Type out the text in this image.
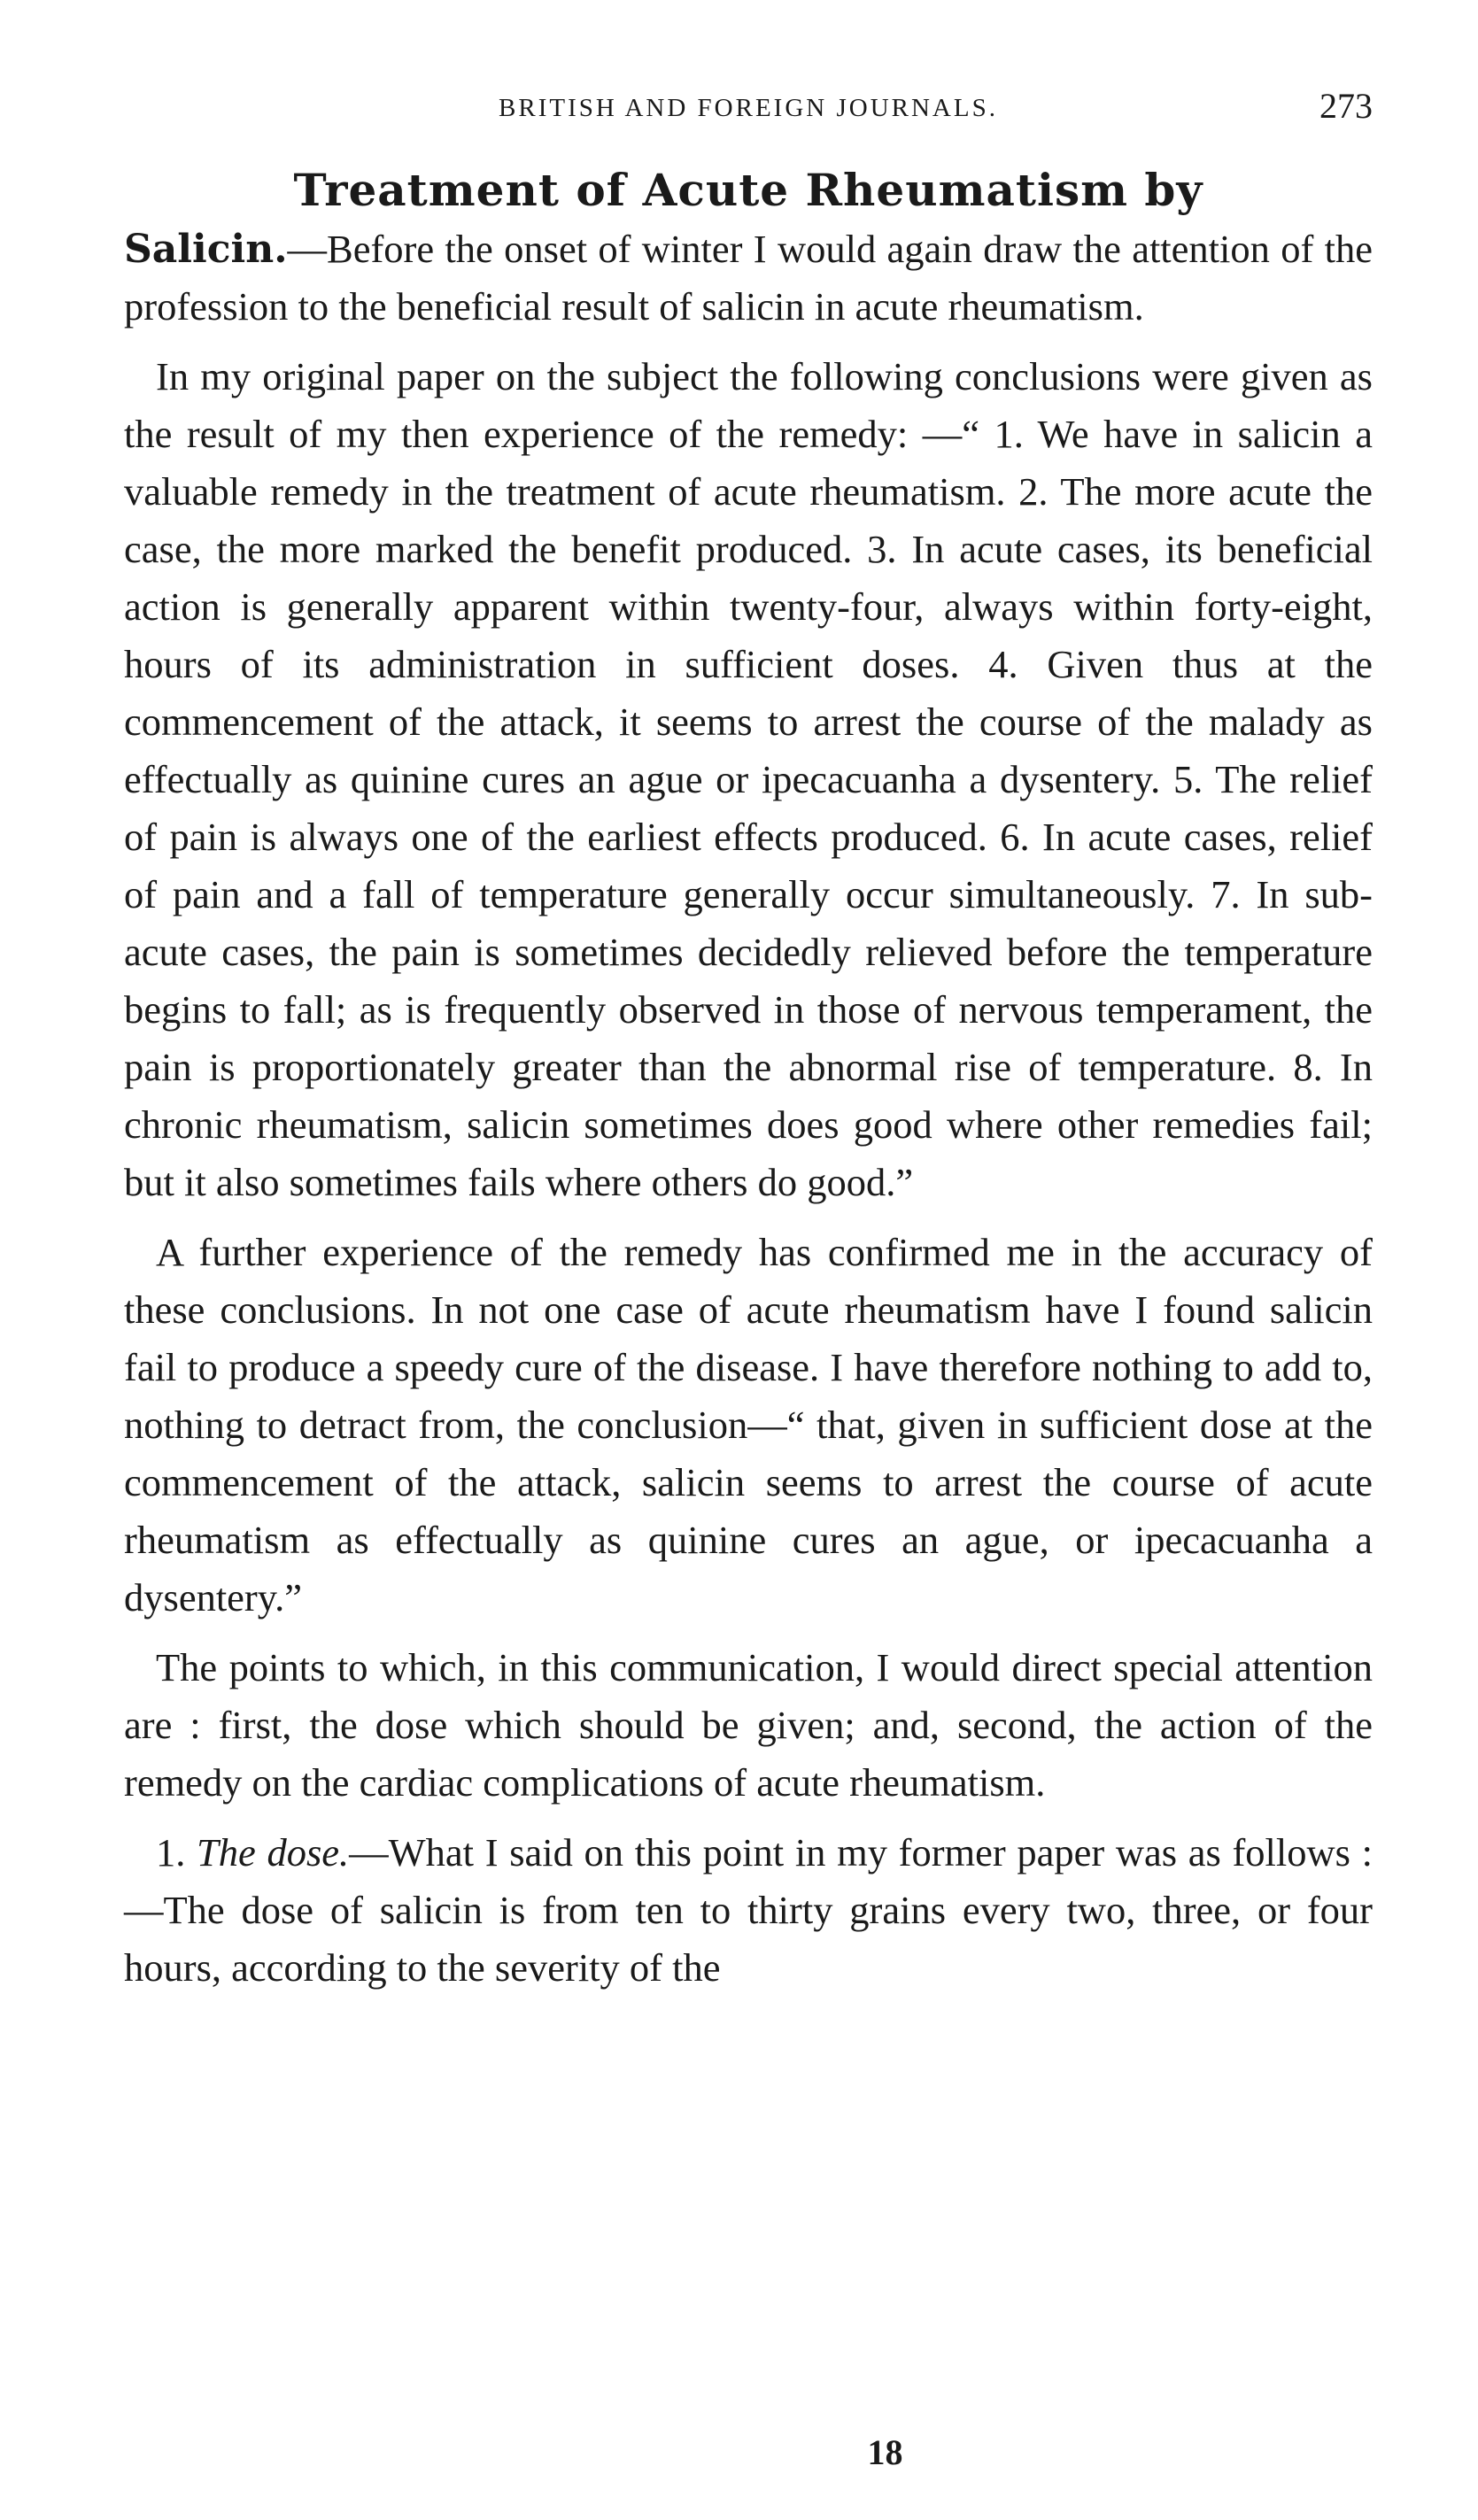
BRITISH AND FOREIGN JOURNALS.	273

Treatment of Acute Rheumatism by
Salicin.—Before the onset of winter I would again draw the attention of the profession to the beneficial result of salicin in acute rheumatism.

In my original paper on the subject the following conclusions were given as the result of my then experience of the remedy: —“ 1. We have in salicin a valuable remedy in the treatment of acute rheumatism. 2. The more acute the case, the more marked the benefit produced. 3. In acute cases, its beneficial action is generally apparent within twenty-four, always within forty-eight, hours of its administration in sufficient doses. 4. Given thus at the commencement of the attack, it seems to arrest the course of the malady as effectually as quinine cures an ague or ipecacuanha a dysentery. 5. The relief of pain is always one of the earliest effects produced. 6. In acute cases, relief of pain and a fall of temperature generally occur simultaneously. 7. In sub-acute cases, the pain is sometimes decidedly relieved before the temperature begins to fall; as is frequently observed in those of nervous temperament, the pain is proportionately greater than the abnormal rise of temperature. 8. In chronic rheumatism, salicin sometimes does good where other remedies fail; but it also sometimes fails where others do good.”

A further experience of the remedy has confirmed me in the accuracy of these conclusions. In not one case of acute rheumatism have I found salicin fail to produce a speedy cure of the disease. I have therefore nothing to add to, nothing to detract from, the conclusion—“ that, given in sufficient dose at the commencement of the attack, salicin seems to arrest the course of acute rheumatism as effectually as quinine cures an ague, or ipecacuanha a dysentery.”

The points to which, in this communication, I would direct special attention are : first, the dose which should be given; and, second, the action of the remedy on the cardiac complications of acute rheumatism.

1. The dose.—What I said on this point in my former paper was as follows :—The dose of salicin is from ten to thirty grains every two, three, or four hours, according to the severity of the

18
